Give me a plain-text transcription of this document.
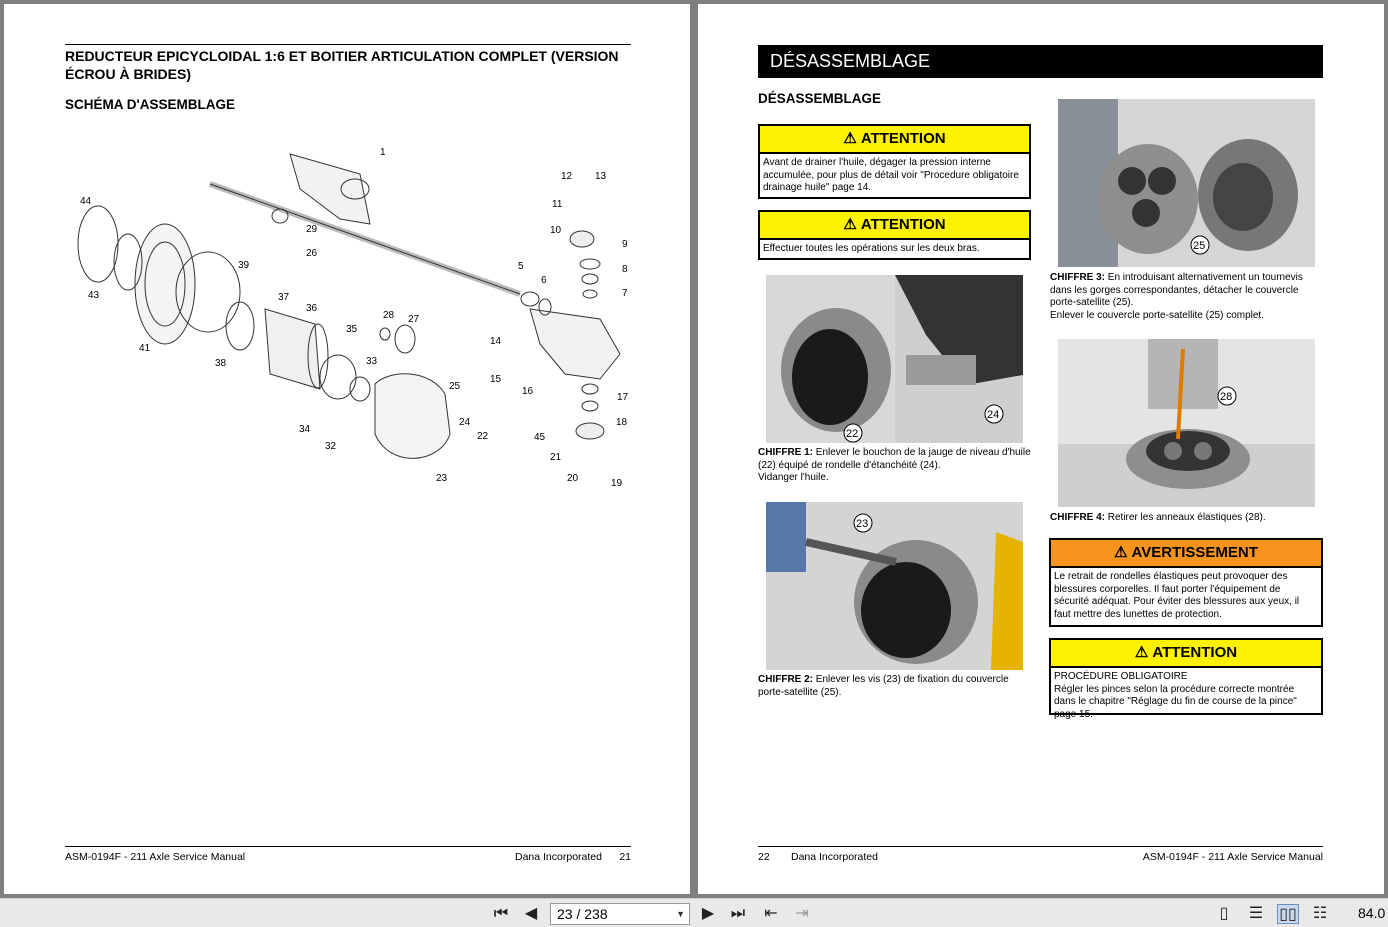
REDUCTEUR EPICYCLOIDAL 1:6 ET BOITIER ARTICULATION COMPLET (VERSION ÉCROU À BRIDES)
SCHÉMA D'ASSEMBLAGE
1
44
29
26
12 13
11
10
9
8
7
39
37
36
43
41
38
35
28 27
5
6
14
33
25
15
16
17
34
32
24
22
18
45
21
20	19
23
ASM-0194F - 211 Axle Service Manual	Dana Incorporated 21
DÉSASSEMBLAGE
DÉSASSEMBLAGE
⚠ ATTENTION
Avant de drainer l'huile, dégager la pression interne accumulée, pour plus de détail voir "Procedure obligatoire drainage huile" page 14.
⚠ ATTENTION
Effectuer toutes les opérations sur les deux bras.
22
24
CHIFFRE 1: Enlever le bouchon de la jauge de niveau d'huile (22) équipé de rondelle d'étanchéité (24).
Vidanger l'huile.
23
CHIFFRE 2: Enlever les vis (23) de fixation du couvercle porte-satellite (25).
25
CHIFFRE 3: En introduisant alternativement un tournevis dans les gorges correspondantes, détacher le couvercle porte-satellite (25).
Enlever le couvercle porte-satellite (25) complet.
28
CHIFFRE 4: Retirer les anneaux élastiques (28).
⚠ AVERTISSEMENT
Le retrait de rondelles élastiques peut provoquer des blessures corporelles. Il faut porter l'équipement de sécurité adéquat. Pour éviter des blessures aux yeux, il faut mettre des lunettes de protection.
⚠ ATTENTION
PROCÉDURE OBLIGATOIRE
Régler les pinces selon la procédure correcte montrée dans le chapitre "Réglage du fin de course de la pince" page 15.
22 Dana Incorporated	ASM-0194F - 211 Axle Service Manual
⏮	◀	23 / 238	▼	▶	⏭ ⇤ ⇥	▯	☰ ▯▯ ☷ 84.0
